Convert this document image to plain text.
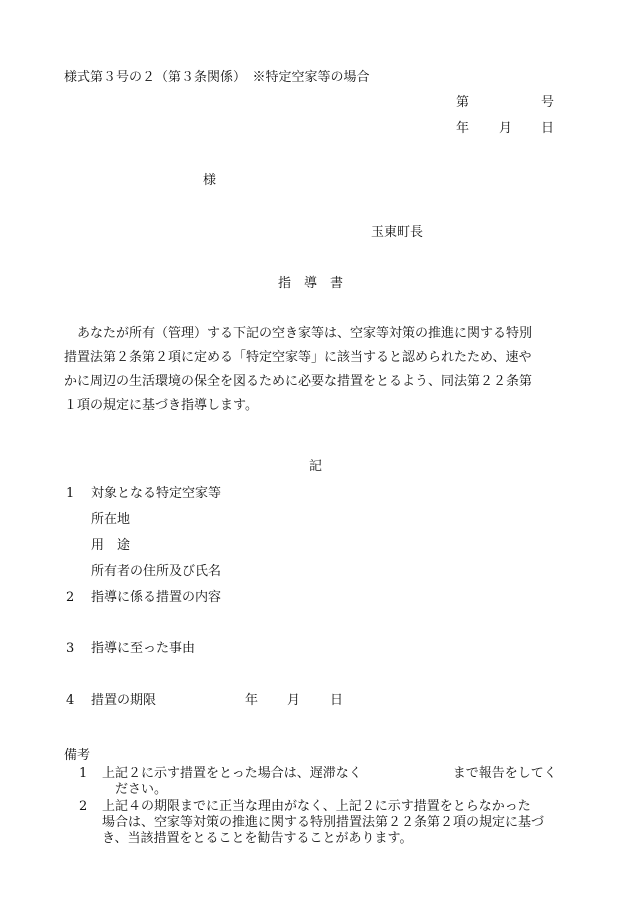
様式第３号の２（第３条関係）　※特定空家等の場合
第	号
年 月 日
様
玉東町長
指　導　書
あなたが所有（管理）する下記の空き家等は、空家等対策の推進に関する特別
措置法第２条第２項に定める「特定空家等」に該当すると認められたため、速や
かに周辺の生活環境の保全を図るために必要な措置をとるよう、同法第２２条第
１項の規定に基づき指導します。
記
1 対象となる特定空家等
所在地
用　途
所有者の住所及び氏名
2 指導に係る措置の内容
3 指導に至った事由
4 措置の期限	年 月 日
備考
1 上記２に示す措置をとった場合は、遅滞なく　　　　　　　まで報告をしてく
ださい。
2 上記４の期限までに正当な理由がなく、上記２に示す措置をとらなかった
場合は、空家等対策の推進に関する特別措置法第２２条第２項の規定に基づ
き、当該措置をとることを勧告することがあります。
